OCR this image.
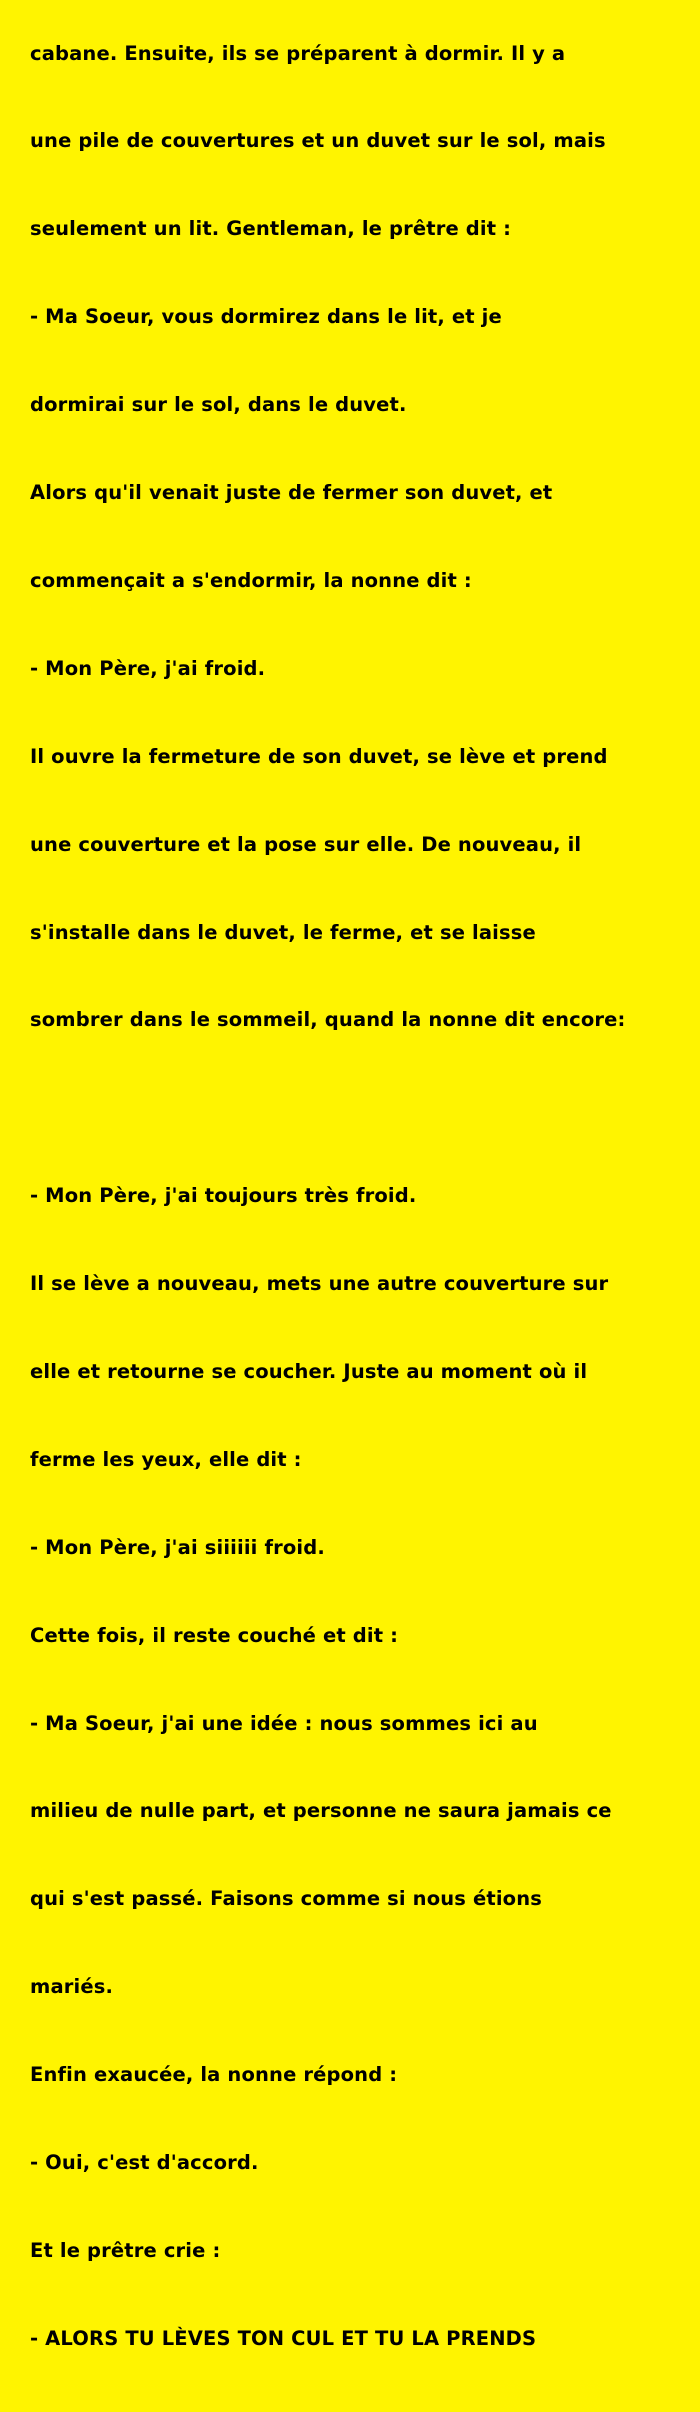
cabane. Ensuite, ils se préparent à dormir. Il y a

une pile de couvertures et un duvet sur le sol, mais

seulement un lit. Gentleman, le prêtre dit :

- Ma Soeur, vous dormirez dans le lit, et je

dormirai sur le sol, dans le duvet.

Alors qu'il venait juste de fermer son duvet, et

commençait a s'endormir, la nonne dit :

- Mon Père, j'ai froid.

Il ouvre la fermeture de son duvet, se lève et prend

une couverture et la pose sur elle. De nouveau, il

s'installe dans le duvet, le ferme, et se laisse

sombrer dans le sommeil, quand la nonne dit encore:

- Mon Père, j'ai toujours très froid.

Il se lève a nouveau, mets une autre couverture sur

elle et retourne se coucher. Juste au moment où il

ferme les yeux, elle dit :

- Mon Père, j'ai siiiiii froid.

Cette fois, il reste couché et dit :

- Ma Soeur, j'ai une idée : nous sommes ici au

milieu de nulle part, et personne ne saura jamais ce

qui s'est passé. Faisons comme si nous étions

mariés.

Enfin exaucée, la nonne répond :

- Oui, c'est d'accord.

Et le prêtre crie :

- ALORS TU LÈVES TON CUL ET TU LA PRENDS
